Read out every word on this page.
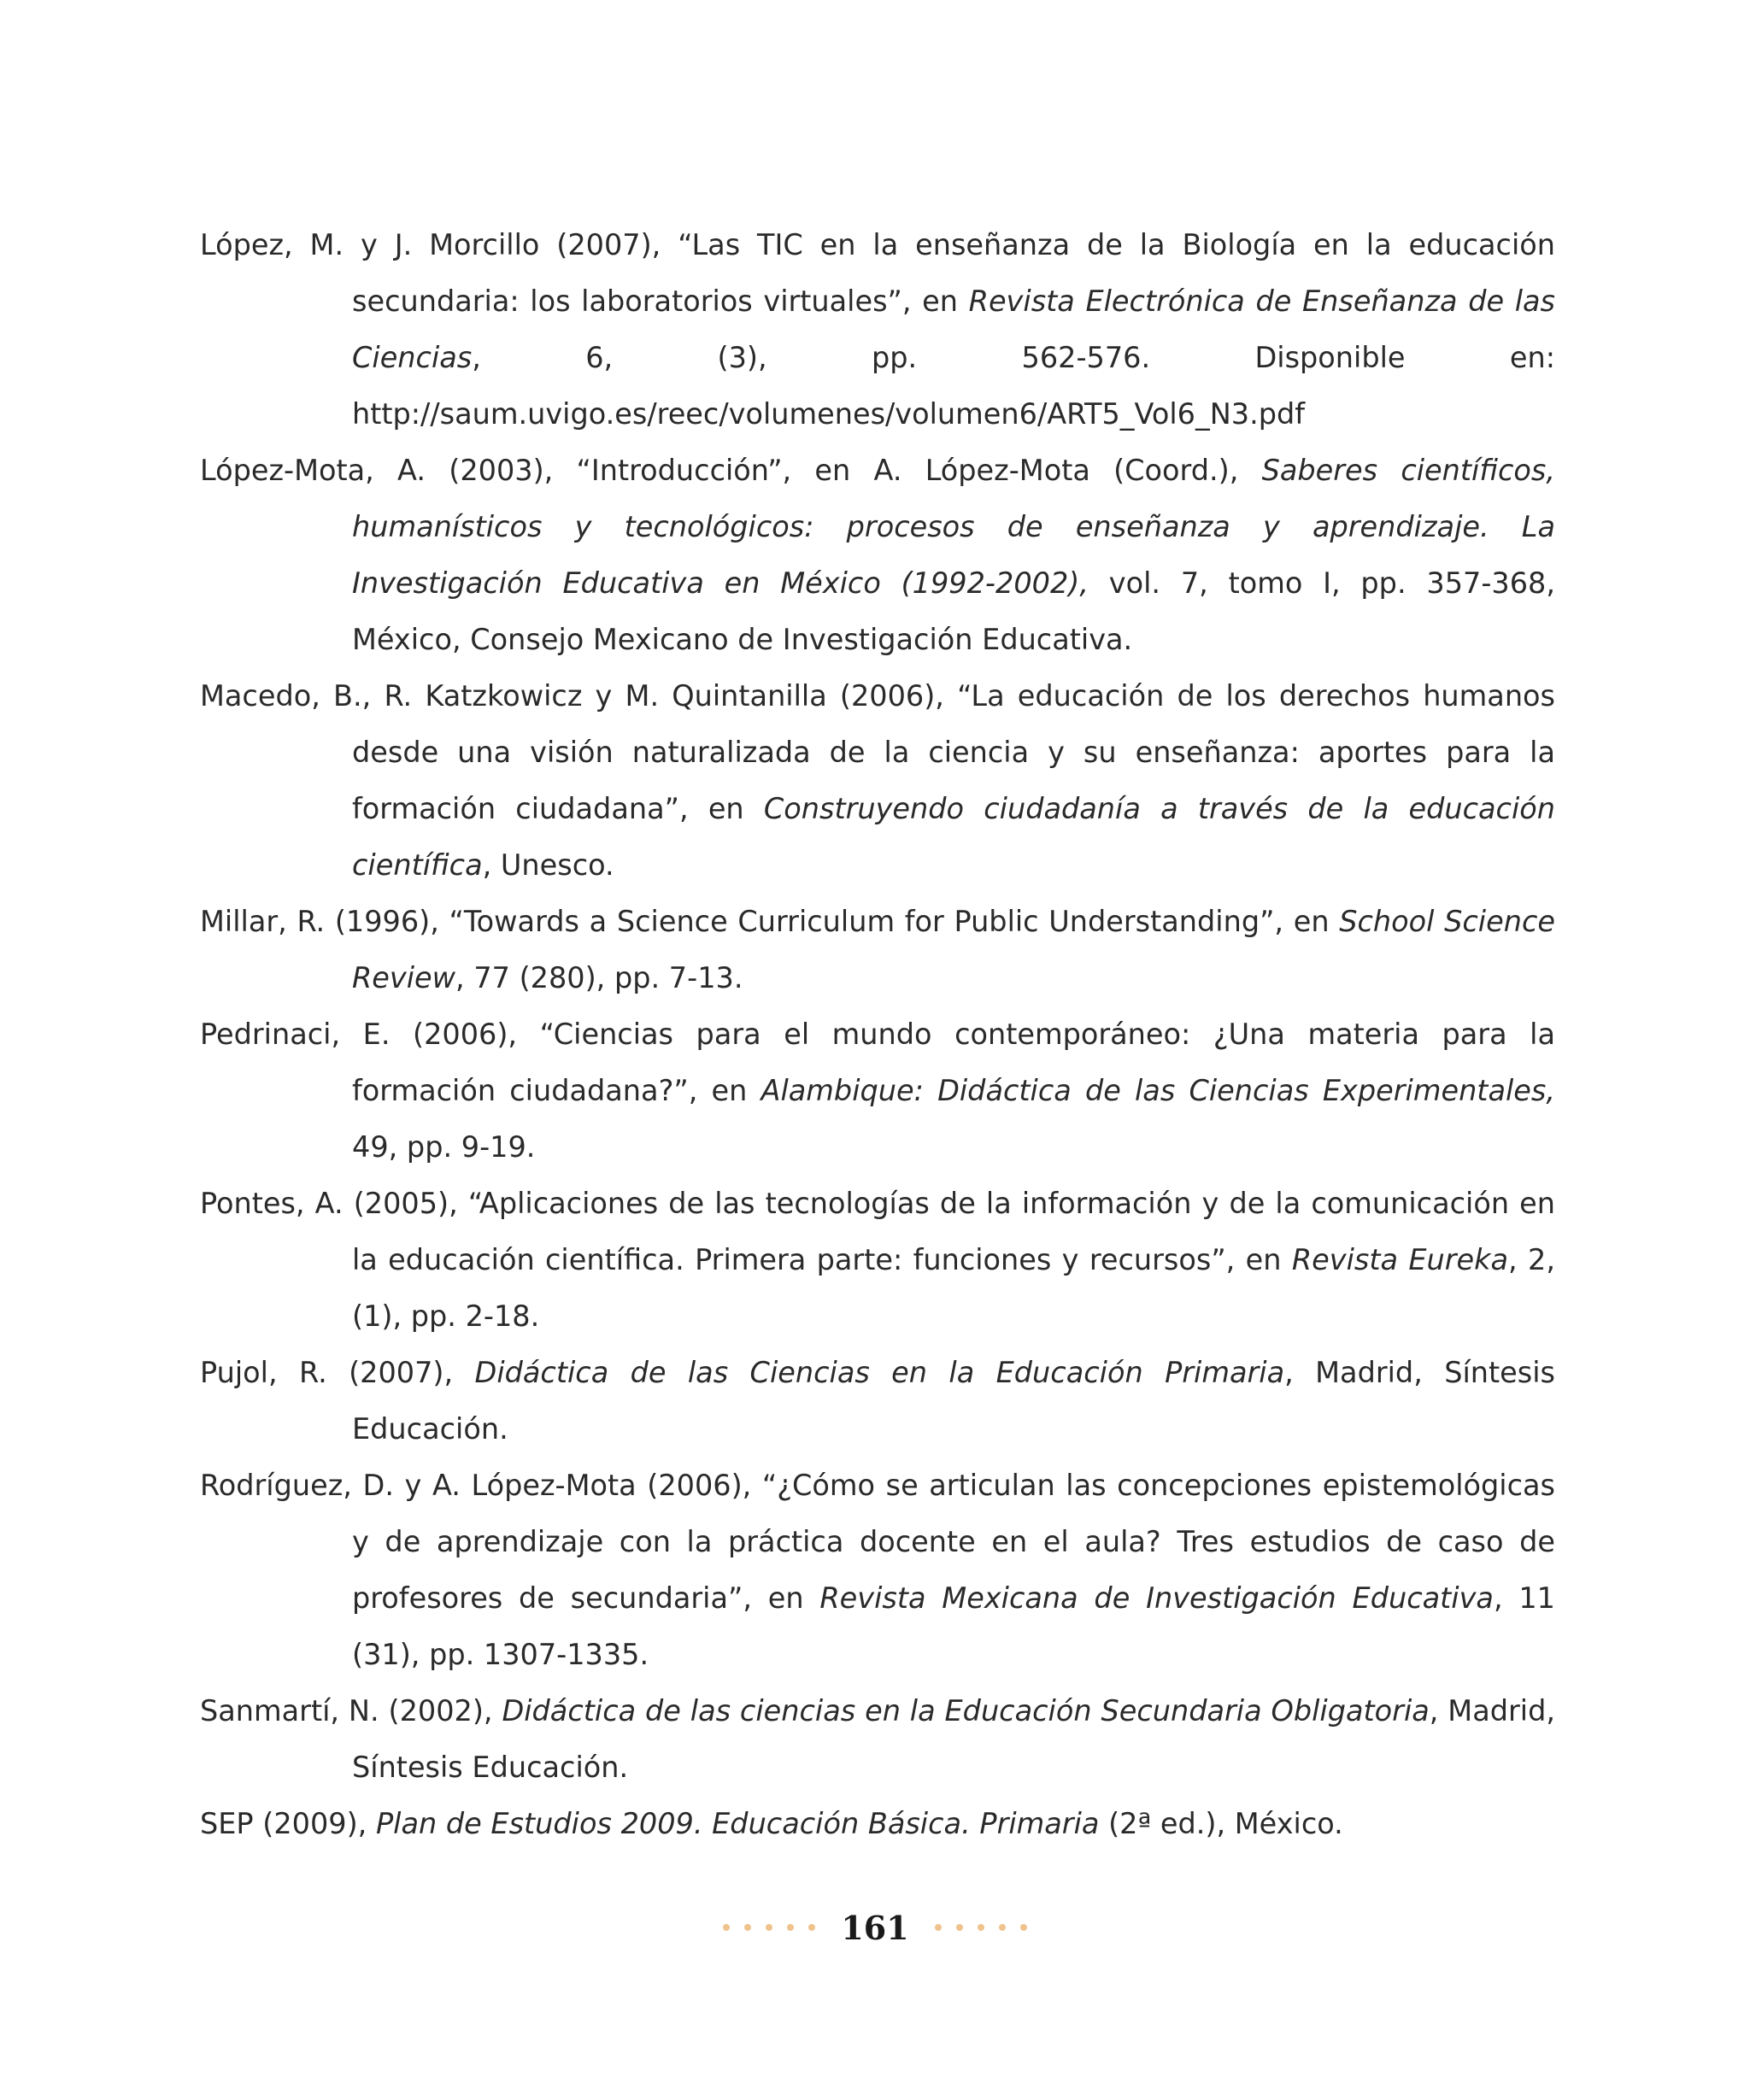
López, M. y J. Morcillo (2007), “Las TIC en la enseñanza de la Biología en la educación secundaria: los laboratorios virtuales”, en Revista Electrónica de Enseñanza de las Ciencias, 6, (3), pp. 562-576. Disponible en: http://saum.uvigo.es/reec/volumenes/volumen6/ART5_Vol6_N3.pdf

López-Mota, A. (2003), “Introducción”, en A. López-Mota (Coord.), Saberes científicos, humanísticos y tecnológicos: procesos de enseñanza y aprendizaje. La Investigación Educativa en México (1992-2002), vol. 7, tomo I, pp. 357-368, México, Consejo Mexicano de Investigación Educativa.

Macedo, B., R. Katzkowicz y M. Quintanilla (2006), “La educación de los derechos humanos desde una visión naturalizada de la ciencia y su enseñanza: aportes para la formación ciudadana”, en Construyendo ciudadanía a través de la educación científica, Unesco.

Millar, R. (1996), “Towards a Science Curriculum for Public Understanding”, en School Science Review, 77 (280), pp. 7-13.

Pedrinaci, E. (2006), “Ciencias para el mundo contemporáneo: ¿Una materia para la formación ciudadana?”, en Alambique: Didáctica de las Ciencias Experimentales, 49, pp. 9-19.

Pontes, A. (2005), “Aplicaciones de las tecnologías de la información y de la comunicación en la educación científica. Primera parte: funciones y recursos”, en Revista Eureka, 2, (1), pp. 2-18.

Pujol, R. (2007), Didáctica de las Ciencias en la Educación Primaria, Madrid, Síntesis Educación.

Rodríguez, D. y A. López-Mota (2006), “¿Cómo se articulan las concepciones epistemológicas y de aprendizaje con la práctica docente en el aula? Tres estudios de caso de profesores de secundaria”, en Revista Mexicana de Investigación Educativa, 11 (31), pp. 1307-1335.

Sanmartí, N. (2002), Didáctica de las ciencias en la Educación Secundaria Obligatoria, Madrid, Síntesis Educación.

SEP (2009), Plan de Estudios 2009. Educación Básica. Primaria (2ª ed.), México.

161
